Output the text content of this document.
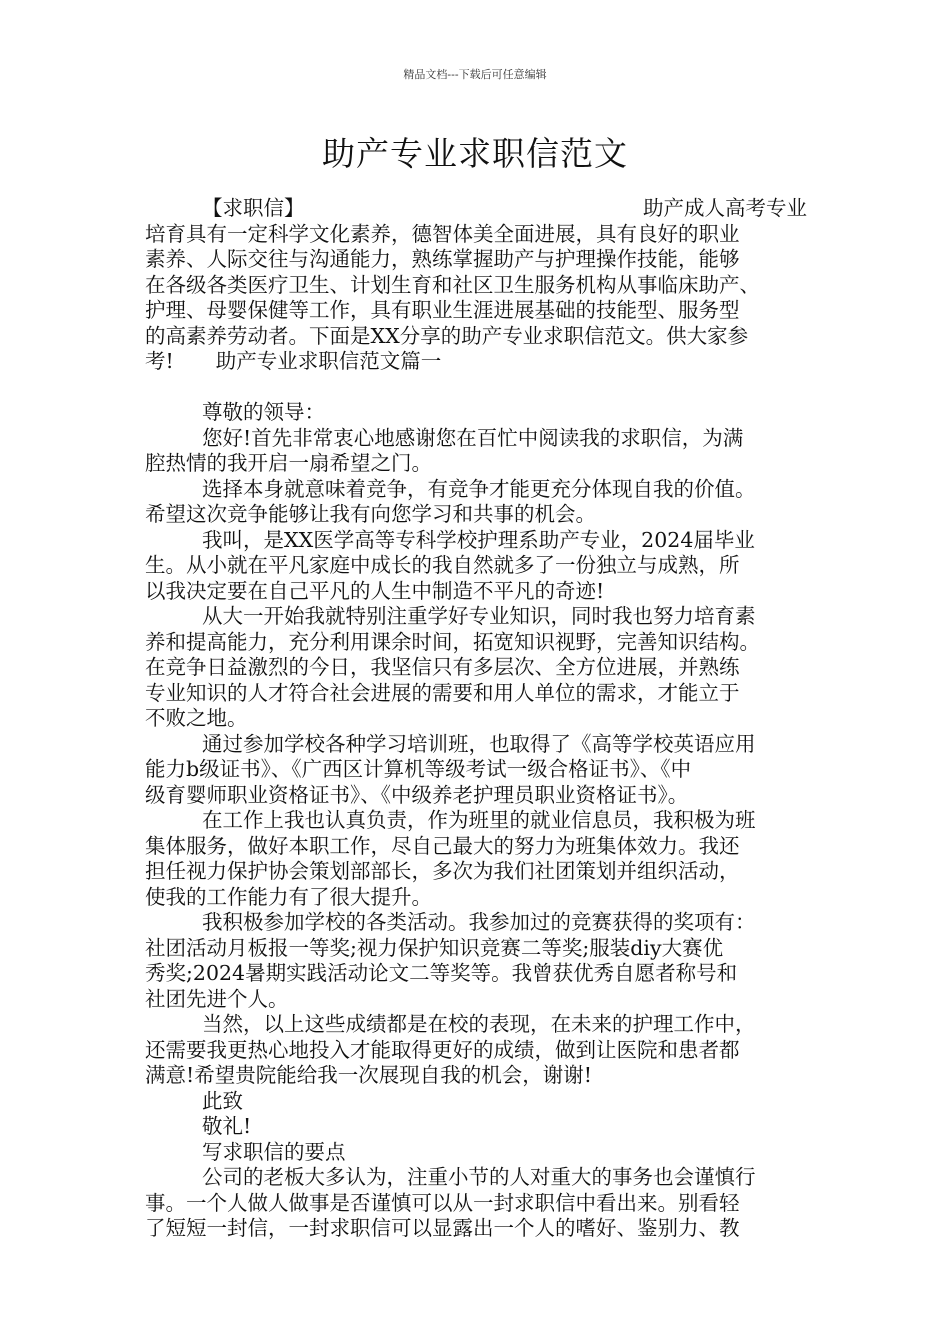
精品文档---下载后可任意编辑
助产专业求职信范文
【求职信】	助产成人高考专业
培育具有一定科学文化素养，德智体美全面进展，具有良好的职业
素养、人际交往与沟通能力，熟练掌握助产与护理操作技能，能够
在各级各类医疗卫生、计划生育和社区卫生服务机构从事临床助产、
护理、母婴保健等工作，具有职业生涯进展基础的技能型、服务型
的高素养劳动者。下面是XX分享的助产专业求职信范文。供大家参
考! 助产专业求职信范文篇一
尊敬的领导：
您好!首先非常衷心地感谢您在百忙中阅读我的求职信，为满
腔热情的我开启一扇希望之门。
选择本身就意味着竞争，有竞争才能更充分体现自我的价值。
希望这次竞争能够让我有向您学习和共事的机会。
我叫，是XX医学高等专科学校护理系助产专业，2024届毕业
生。从小就在平凡家庭中成长的我自然就多了一份独立与成熟，所
以我决定要在自己平凡的人生中制造不平凡的奇迹!
从大一开始我就特别注重学好专业知识，同时我也努力培育素
养和提高能力，充分利用课余时间，拓宽知识视野，完善知识结构。
在竞争日益激烈的今日，我坚信只有多层次、全方位进展，并熟练
专业知识的人才符合社会进展的需要和用人单位的需求，才能立于
不败之地。
通过参加学校各种学习培训班，也取得了《高等学校英语应用
能力b级证书》、《广西区计算机等级考试一级合格证书》、《中
级育婴师职业资格证书》、《中级养老护理员职业资格证书》。
在工作上我也认真负责，作为班里的就业信息员，我积极为班
集体服务，做好本职工作，尽自己最大的努力为班集体效力。我还
担任视力保护协会策划部部长，多次为我们社团策划并组织活动，
使我的工作能力有了很大提升。
我积极参加学校的各类活动。我参加过的竞赛获得的奖项有：
社团活动月板报一等奖;视力保护知识竞赛二等奖;服装diy大赛优
秀奖;2024暑期实践活动论文二等奖等。我曾获优秀自愿者称号和
社团先进个人。
当然，以上这些成绩都是在校的表现，在未来的护理工作中，
还需要我更热心地投入才能取得更好的成绩，做到让医院和患者都
满意!希望贵院能给我一次展现自我的机会，谢谢!
此致
敬礼!
写求职信的要点
公司的老板大多认为，注重小节的人对重大的事务也会谨慎行
事。一个人做人做事是否谨慎可以从一封求职信中看出来。别看轻
了短短一封信，一封求职信可以显露出一个人的嗜好、鉴别力、教
